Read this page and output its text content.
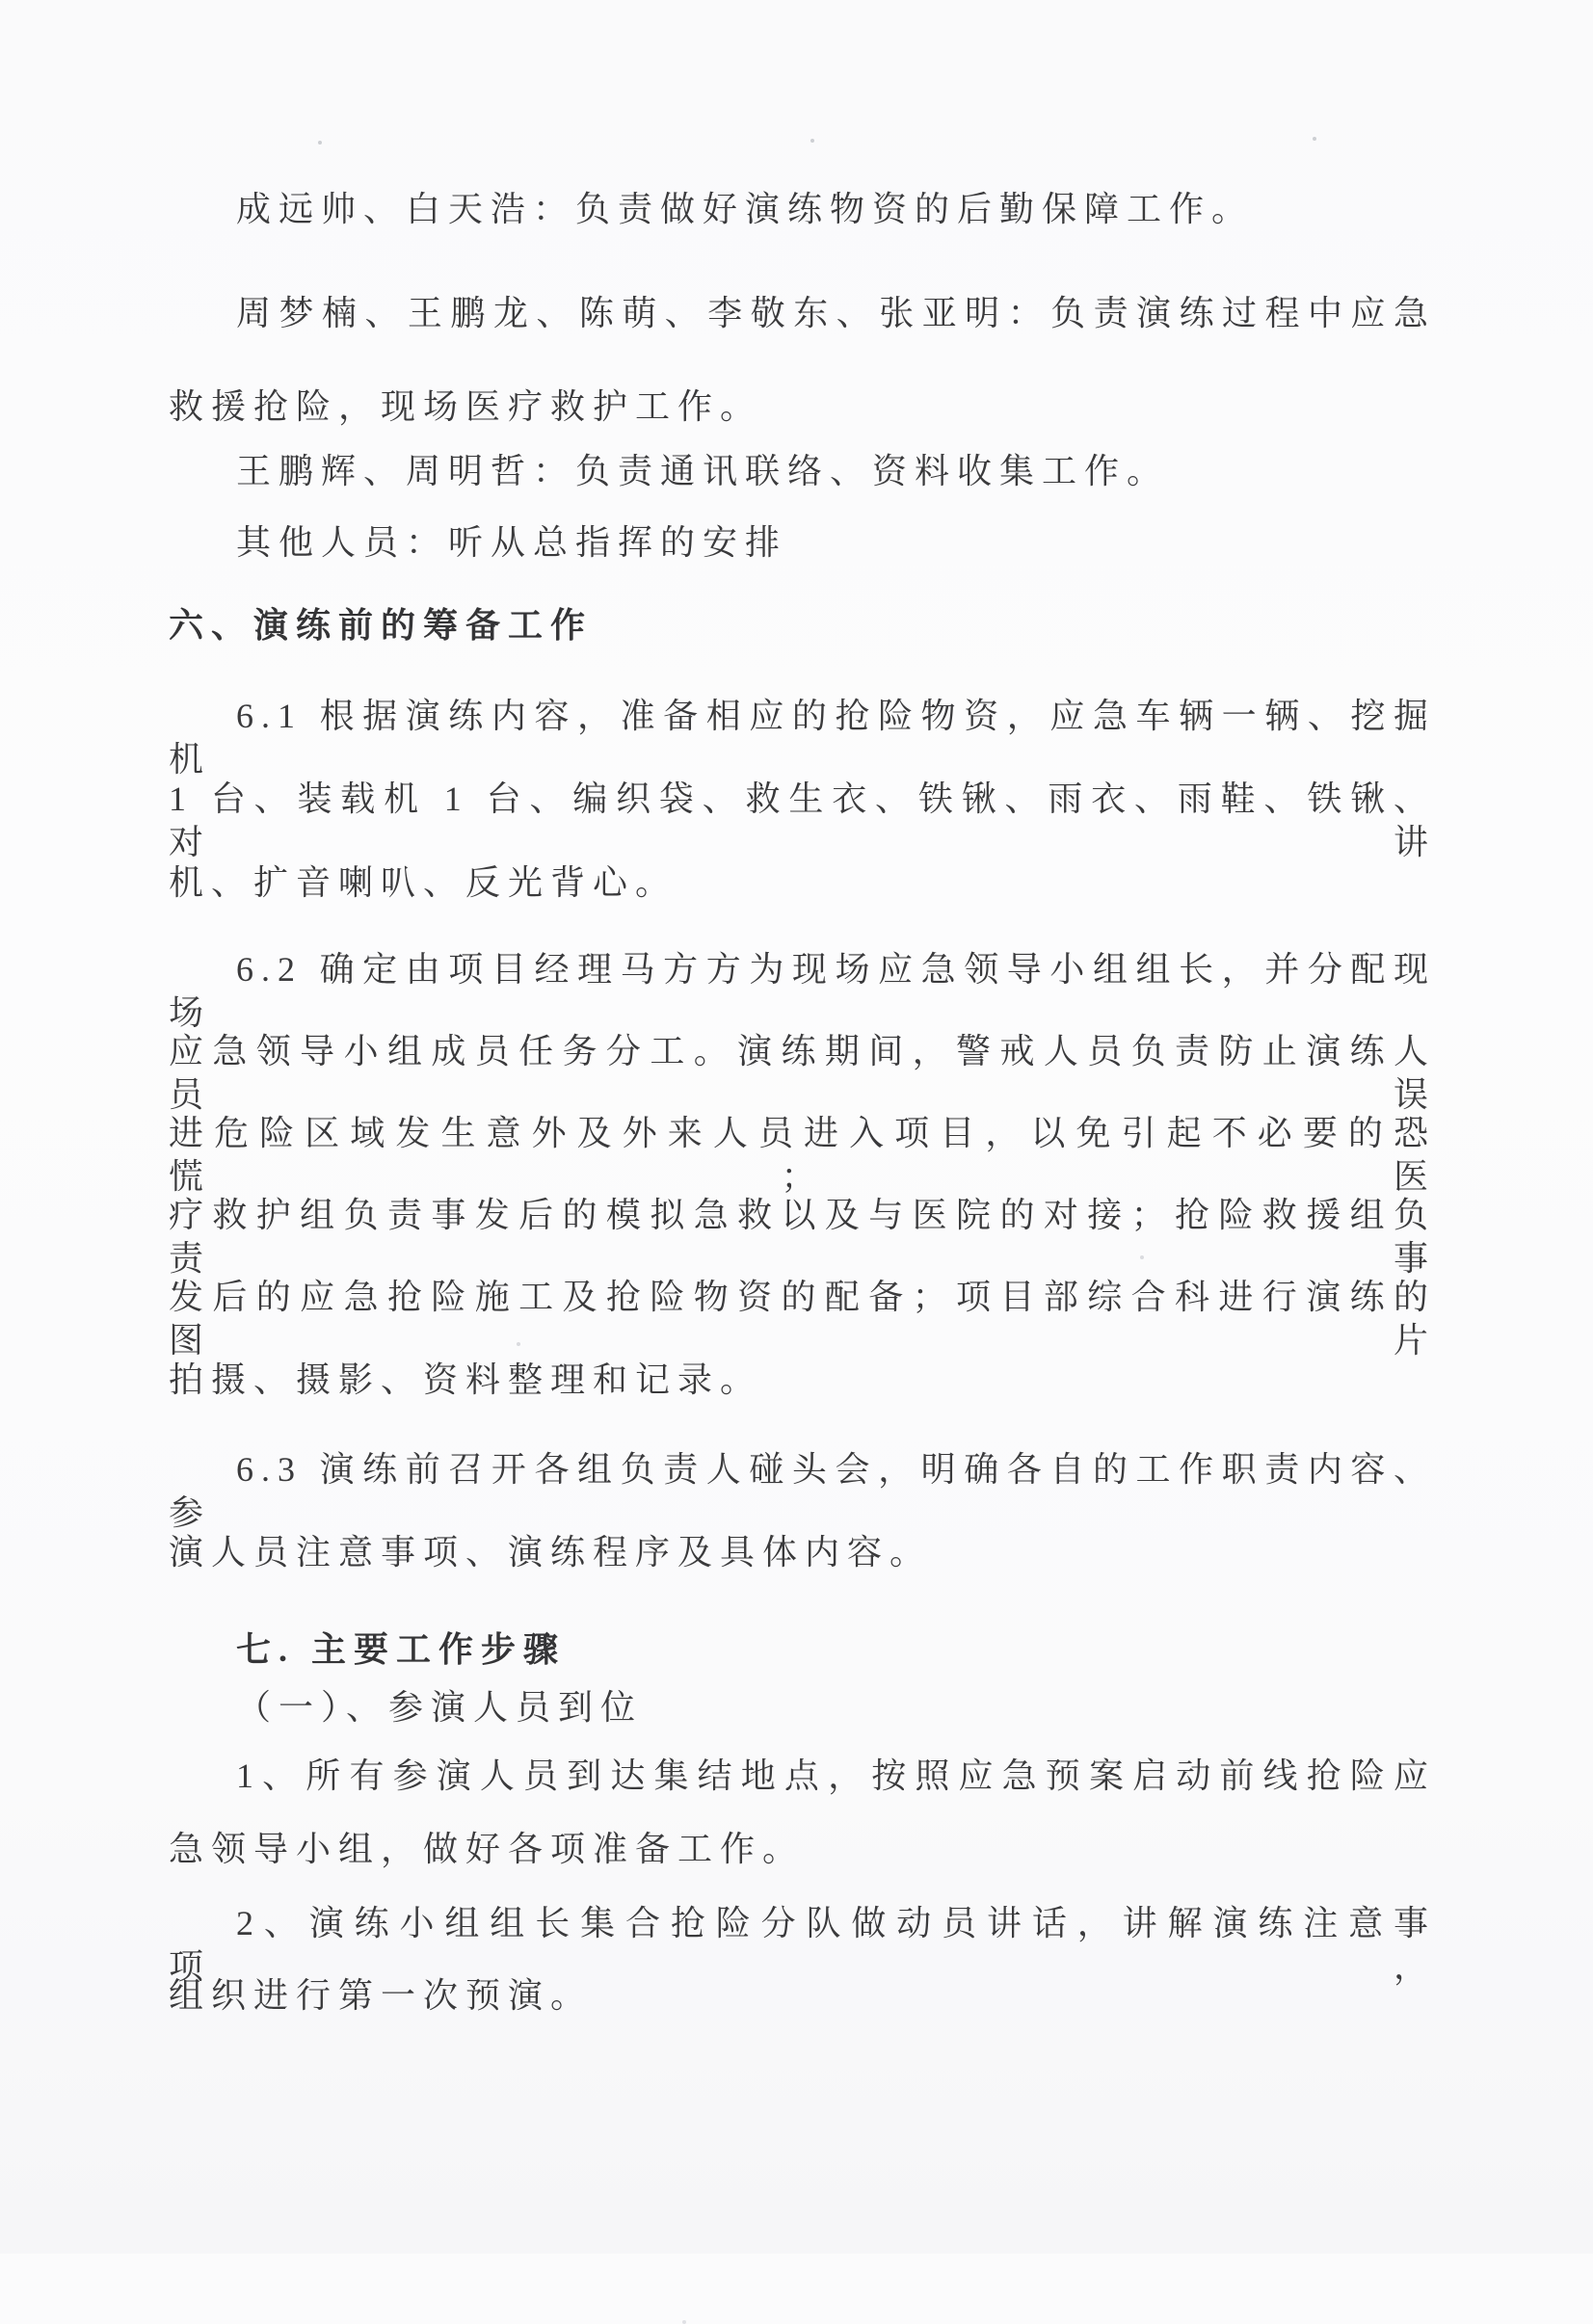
成远帅、白天浩：负责做好演练物资的后勤保障工作。
周梦楠、王鹏龙、陈萌、李敬东、张亚明：负责演练过程中应急
救援抢险，现场医疗救护工作。
王鹏辉、周明哲：负责通讯联络、资料收集工作。
其他人员：听从总指挥的安排
六、演练前的筹备工作
6.1 根据演练内容，准备相应的抢险物资，应急车辆一辆、挖掘机
1 台、装载机 1 台、编织袋、救生衣、铁锹、雨衣、雨鞋、铁锹、对讲
机、扩音喇叭、反光背心。
6.2 确定由项目经理马方方为现场应急领导小组组长，并分配现场
应急领导小组成员任务分工。演练期间，警戒人员负责防止演练人员误
进危险区域发生意外及外来人员进入项目，以免引起不必要的恐慌；医
疗救护组负责事发后的模拟急救以及与医院的对接；抢险救援组负责事
发后的应急抢险施工及抢险物资的配备；项目部综合科进行演练的图片
拍摄、摄影、资料整理和记录。
6.3 演练前召开各组负责人碰头会，明确各自的工作职责内容、参
演人员注意事项、演练程序及具体内容。
七. 主要工作步骤
（一）、参演人员到位
1、所有参演人员到达集结地点，按照应急预案启动前线抢险应
急领导小组，做好各项准备工作。
2、演练小组组长集合抢险分队做动员讲话，讲解演练注意事项，
组织进行第一次预演。
